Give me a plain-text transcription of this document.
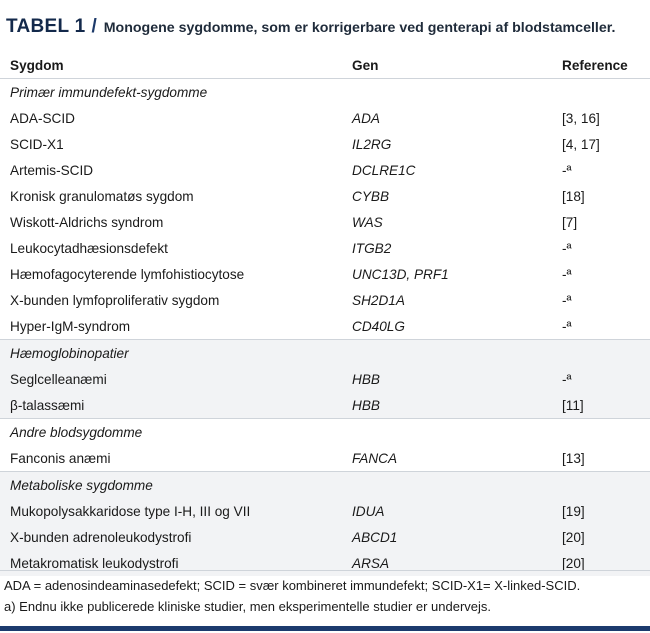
TABEL 1 / Monogene sygdomme, som er korrigerbare ved genterapi af blodstamceller.
Sygdom	Gen	Reference
Primær immundefekt-sygdomme		
ADA-SCID	ADA	[3, 16]
SCID-X1	IL2RG	[4, 17]
Artemis-SCID	DCLRE1C	-ª
Kronisk granulomatøs sygdom	CYBB	[18]
Wiskott-Aldrichs syndrom	WAS	[7]
Leukocytadhæsionsdefekt	ITGB2	-ª
Hæmofagocyterende lymfohistiocytose	UNC13D, PRF1	-ª
X-bunden lymfoproliferativ sygdom	SH2D1A	-ª
Hyper-IgM-syndrom	CD40LG	-ª
Hæmoglobinopatier		
Seglcelleanæmi	HBB	-ª
β-talassæmi	HBB	[11]
Andre blodsygdomme		
Fanconis anæmi	FANCA	[13]
Metaboliske sygdomme		
Mukopolysakkaridose type I-H, III og VII	IDUA	[19]
X-bunden adrenoleukodystrofi	ABCD1	[20]
Metakromatisk leukodystrofi	ARSA	[20]
ADA = adenosindeaminasedefekt; SCID = svær kombineret immundefekt; SCID-X1= X-linked-SCID.
a) Endnu ikke publicerede kliniske studier, men eksperimentelle studier er undervejs.
